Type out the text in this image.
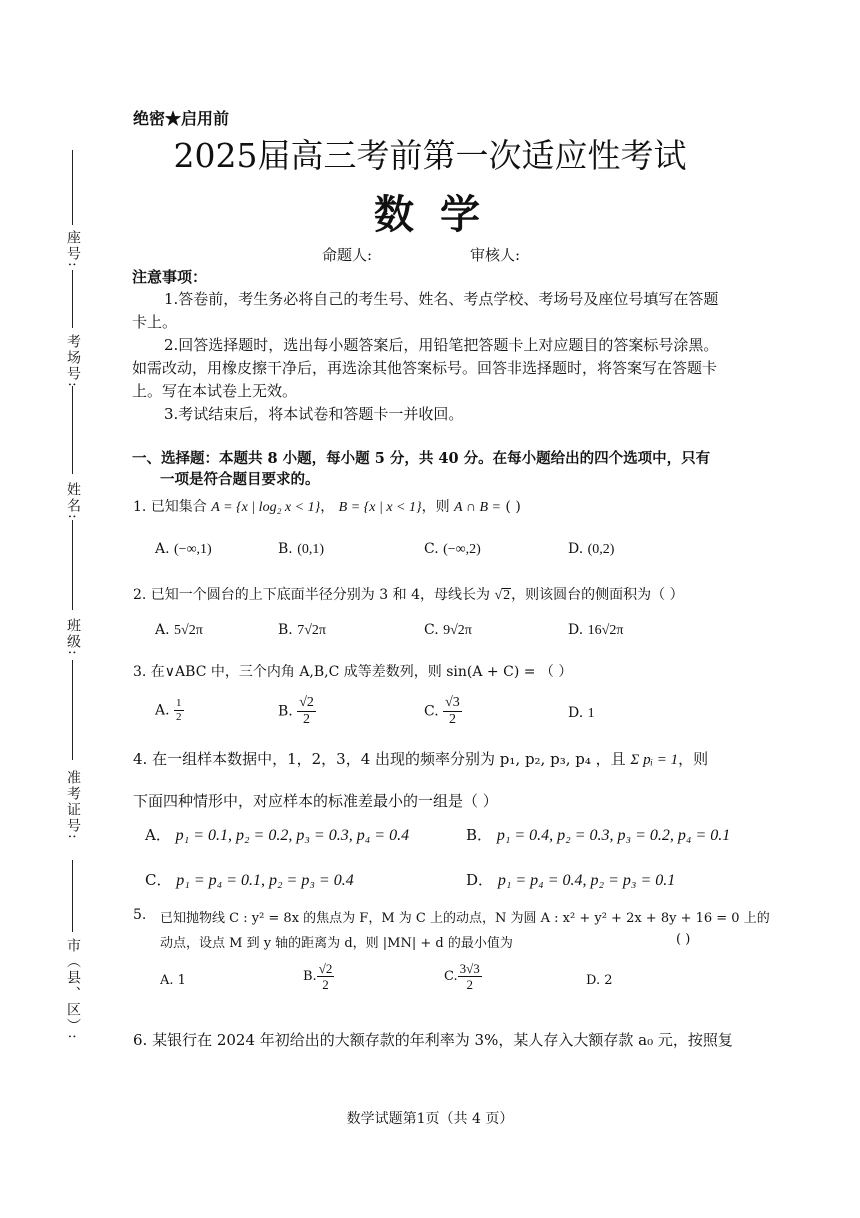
座号:
考场号:
姓名:
班级:
准考证号:
市（县、区）:
绝密★启用前
2025届高三考前第一次适应性考试
数 学
命题人:	审核人:
注意事项：
1.答卷前，考生务必将自己的考生号、姓名、考点学校、考场号及座位号填写在答题卡上。
2.回答选择题时，选出每小题答案后，用铅笔把答题卡上对应题目的答案标号涂黑。如需改动，用橡皮擦干净后，再选涂其他答案标号。回答非选择题时，将答案写在答题卡上。写在本试卷上无效。
3.考试结束后，将本试卷和答题卡一并收回。
一、选择题：本题共 8 小题，每小题 5 分，共 40 分。在每小题给出的四个选项中，只有
一项是符合题目要求的。
1. 已知集合 A = {x | log₂ x < 1}， B = {x | x < 1}，则 A ∩ B = ( )
A. (−∞,1)	B. (0,1)	C. (−∞,2)	D. (0,2)
2. 已知一个圆台的上下底面半径分别为 3 和 4，母线长为 √2，则该圆台的侧面积为（ ）
A. 5√2π	B. 7√2π	C. 9√2π	D. 16√2π
3. 在∨ABC 中，三个内角 A,B,C 成等差数列，则 sin(A + C) = （ ）
A. $\frac{1}{2}$	B. $\frac{√2}{2}$	C. $\frac{√3}{2}$	D. 1
4. 在一组样本数据中，1，2，3，4 出现的频率分别为 p₁, p₂, p₃, p₄ ，且 Σ pᵢ = 1，则
下面四种情形中，对应样本的标准差最小的一组是（ ）
A． p₁ = 0.1, p₂ = 0.2, p₃ = 0.3, p₄ = 0.4	B． p₁ = 0.4, p₂ = 0.3, p₃ = 0.2, p₄ = 0.1
C． p₁ = p₄ = 0.1, p₂ = p₃ = 0.4	D． p₁ = p₄ = 0.4, p₂ = p₃ = 0.1
5. 已知抛物线 C : y² = 8x 的焦点为 F，M 为 C 上的动点，N 为圆 A : x² + y² + 2x + 8y + 16 = 0 上的
动点，设点 M 到 y 轴的距离为 d，则 |MN| + d 的最小值为	( )
A. 1	B. $\frac{√2}{2}$	C. $\frac{3√3}{2}$	D. 2
6. 某银行在 2024 年初给出的大额存款的年利率为 3%，某人存入大额存款 a₀ 元，按照复
数学试题第1页（共 4 页）
